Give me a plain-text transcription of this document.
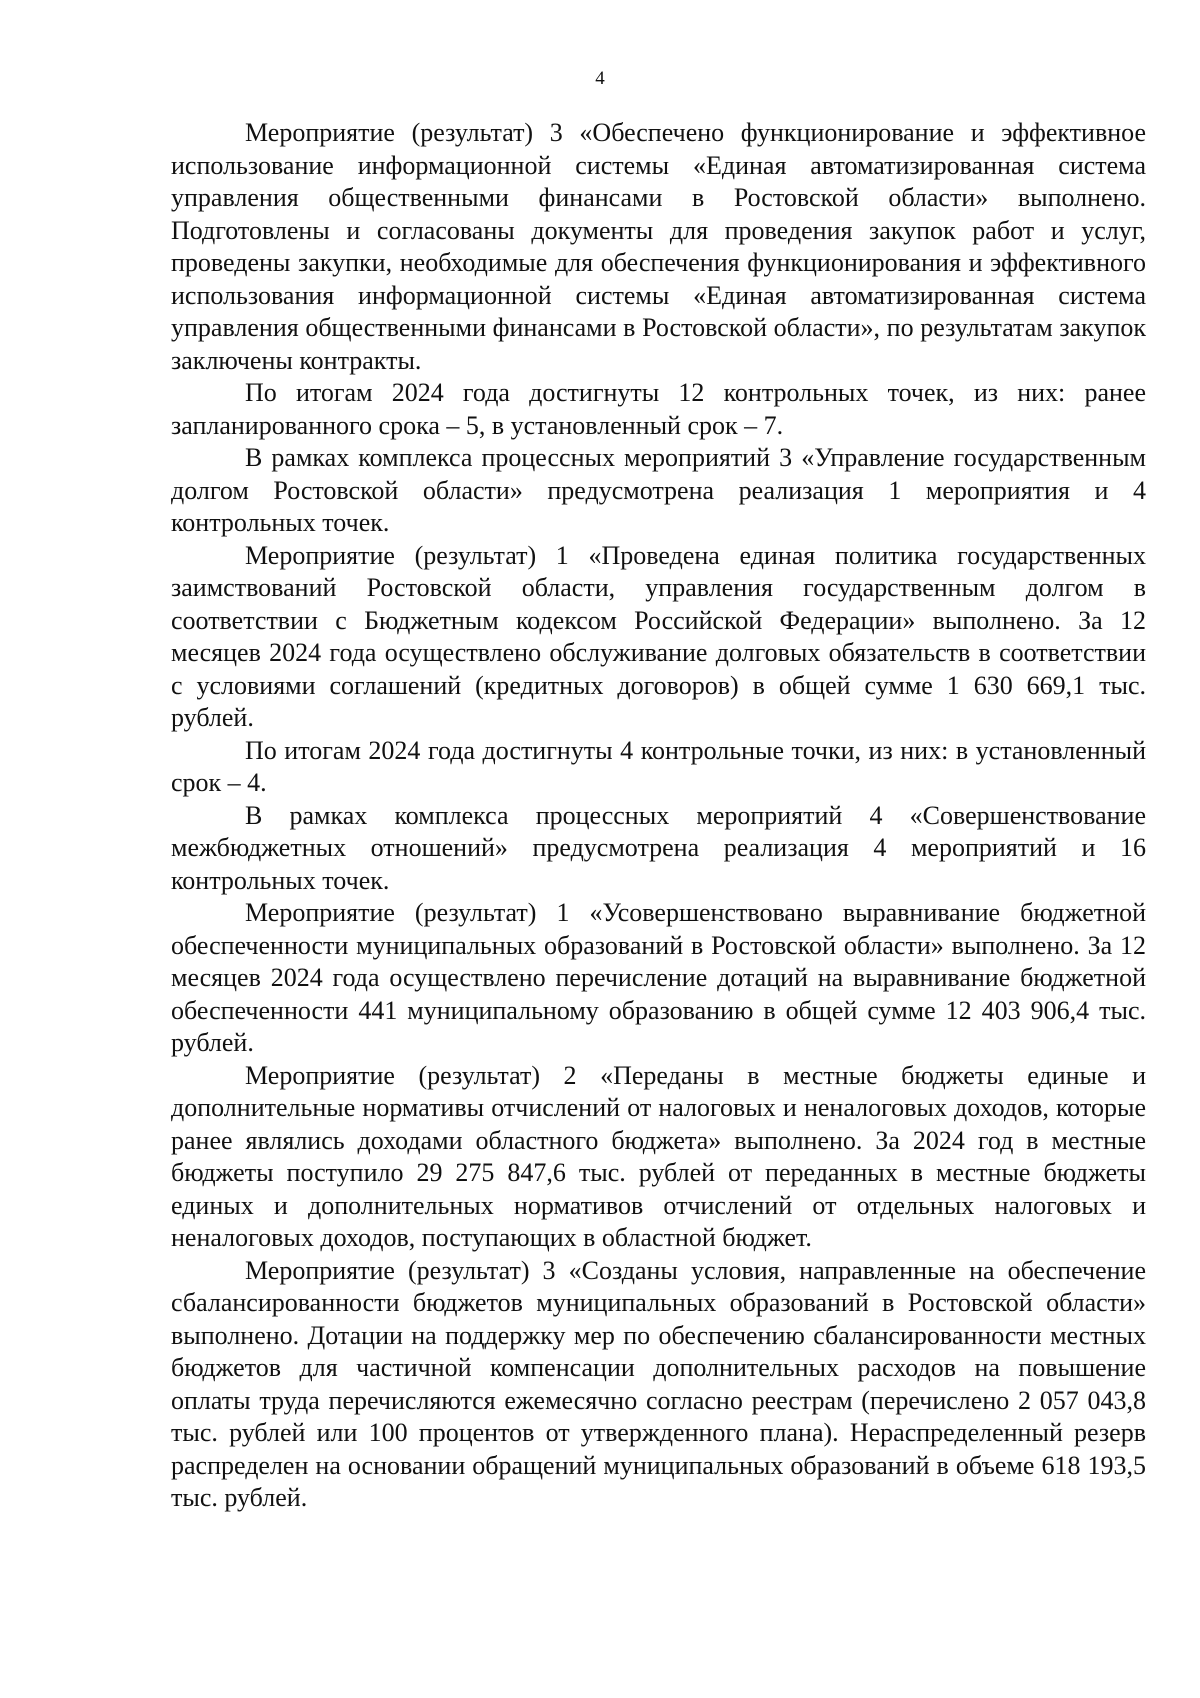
4

Мероприятие (результат) 3 «Обеспечено функционирование и эффективное использование информационной системы «Единая автоматизированная система управления общественными финансами в Ростовской области» выполнено. Подготовлены и согласованы документы для проведения закупок работ и услуг, проведены закупки, необходимые для обеспечения функционирования и эффективного использования информационной системы «Единая автоматизированная система управления общественными финансами в Ростовской области», по результатам закупок заключены контракты.

По итогам 2024 года достигнуты 12 контрольных точек, из них: ранее запланированного срока – 5, в установленный срок – 7.

В рамках комплекса процессных мероприятий 3 «Управление государственным долгом Ростовской области» предусмотрена реализация 1 мероприятия и 4 контрольных точек.

Мероприятие (результат) 1 «Проведена единая политика государственных заимствований Ростовской области, управления государственным долгом в соответствии с Бюджетным кодексом Российской Федерации» выполнено. За 12 месяцев 2024 года осуществлено обслуживание долговых обязательств в соответствии с условиями соглашений (кредитных договоров) в общей сумме 1 630 669,1 тыс. рублей.

По итогам 2024 года достигнуты 4 контрольные точки, из них: в установленный срок – 4.

В рамках комплекса процессных мероприятий 4 «Совершенствование межбюджетных отношений» предусмотрена реализация 4 мероприятий и 16 контрольных точек.

Мероприятие (результат) 1 «Усовершенствовано выравнивание бюджетной обеспеченности муниципальных образований в Ростовской области» выполнено. За 12 месяцев 2024 года осуществлено перечисление дотаций на выравнивание бюджетной обеспеченности 441 муниципальному образованию в общей сумме 12 403 906,4 тыс. рублей.

Мероприятие (результат) 2 «Переданы в местные бюджеты единые и дополнительные нормативы отчислений от налоговых и неналоговых доходов, которые ранее являлись доходами областного бюджета» выполнено. За 2024 год в местные бюджеты поступило 29 275 847,6 тыс. рублей от переданных в местные бюджеты единых и дополнительных нормативов отчислений от отдельных налоговых и неналоговых доходов, поступающих в областной бюджет.

Мероприятие (результат) 3 «Созданы условия, направленные на обеспечение сбалансированности бюджетов муниципальных образований в Ростовской области» выполнено. Дотации на поддержку мер по обеспечению сбалансированности местных бюджетов для частичной компенсации дополнительных расходов на повышение оплаты труда перечисляются ежемесячно согласно реестрам (перечислено 2 057 043,8 тыс. рублей или 100 процентов от утвержденного плана). Нераспределенный резерв распределен на основании обращений муниципальных образований в объеме 618 193,5 тыс. рублей.
